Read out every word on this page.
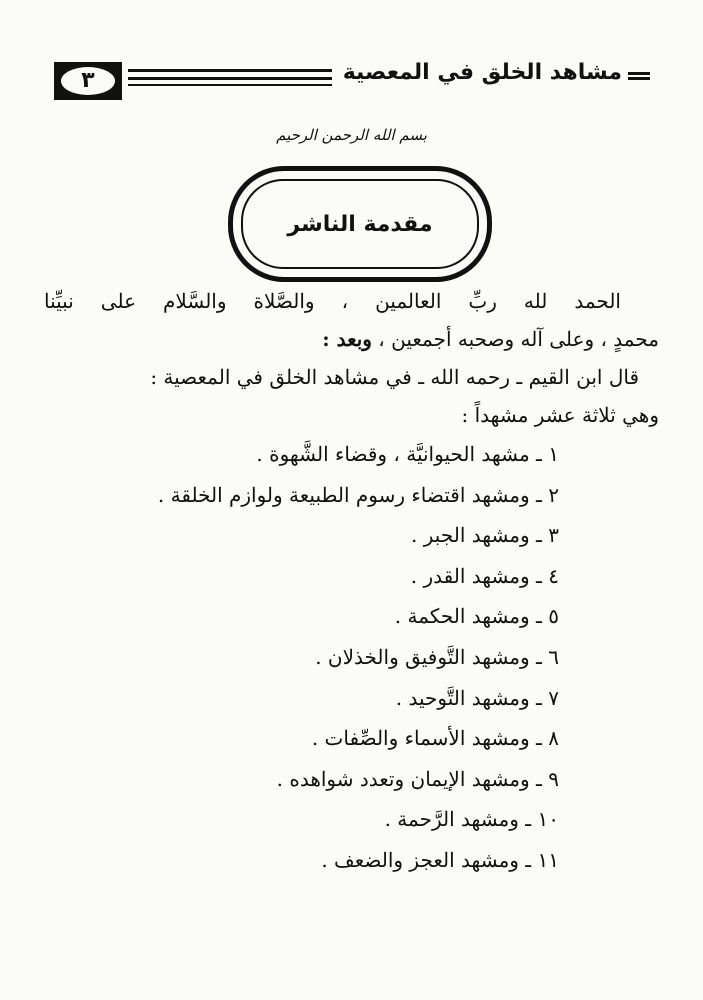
٣	مشاهد الخلق في المعصية
بسم الله الرحمن الرحيم
مقدمة الناشر
الحمد لله ربِّ العالمين ، والصَّلاة والسَّلام على نبيِّنا
محمدٍ ، وعلى آله وصحبه أجمعين ، وبعد :
قال ابن القيم ـ رحمه الله ـ في مشاهد الخلق في المعصية :
وهي ثلاثة عشر مشهداً :
١ ـ مشهد الحيوانيَّة ، وقضاء الشَّهوة .
٢ ـ ومشهد اقتضاء رسوم الطبيعة ولوازم الخلقة .
٣ ـ ومشهد الجبر .
٤ ـ ومشهد القدر .
٥ ـ ومشهد الحكمة .
٦ ـ ومشهد التَّوفيق والخذلان .
٧ ـ ومشهد التَّوحيد .
٨ ـ ومشهد الأسماء والصِّفات .
٩ ـ ومشهد الإيمان وتعدد شواهده .
١٠ ـ ومشهد الرَّحمة .
١١ ـ ومشهد العجز والضعف .
